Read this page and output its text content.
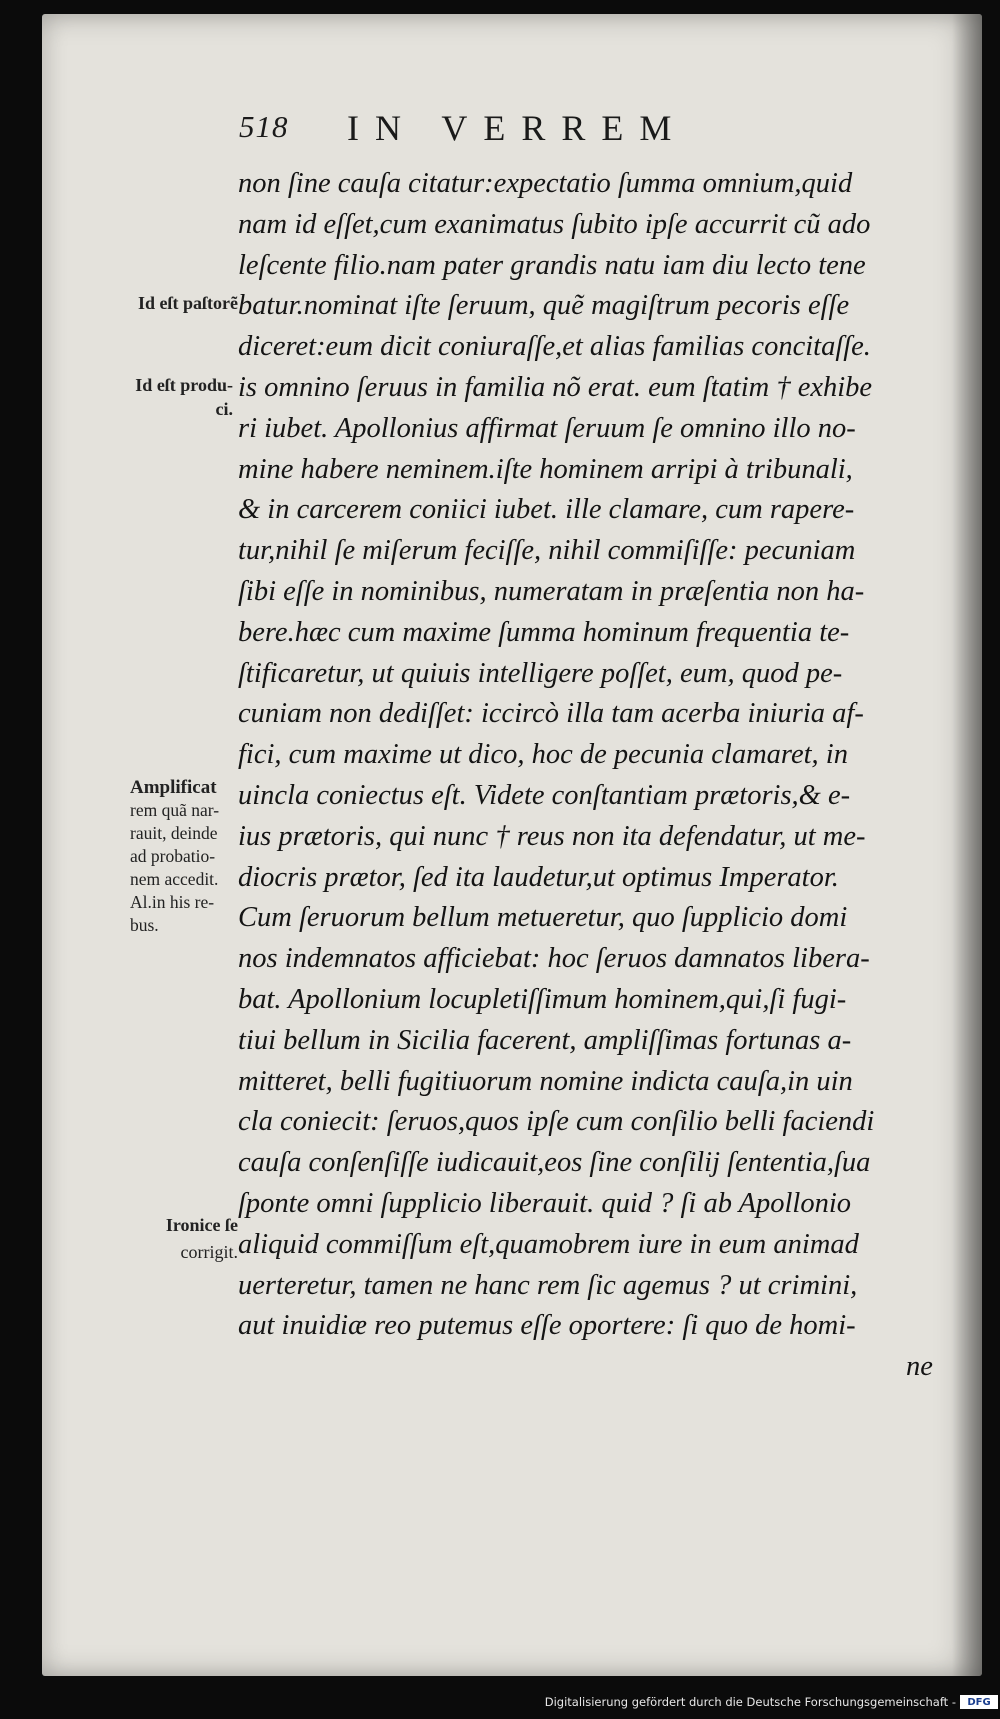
518 IN VERREM
non ſine cauſa citatur:expectatio ſumma omnium,quid
nam id eſſet,cum exanimatus ſubito ipſe accurrit cũ ado
leſcente filio.nam pater grandis natu iam diu lecto tene
batur.nominat iſte ſeruum, quẽ magiſtrum pecoris eſſe
diceret:eum dicit coniuraſſe,et alias familias concitaſſe.
is omnino ſeruus in familia nõ erat. eum ſtatim † exhibe
ri iubet. Apollonius affirmat ſeruum ſe omnino illo no-
mine habere neminem.iſte hominem arripi à tribunali,
& in carcerem coniici iubet. ille clamare, cum rapere-
tur,nihil ſe miſerum feciſſe, nihil commiſiſſe: pecuniam
ſibi eſſe in nominibus, numeratam in præſentia non ha-
bere.hæc cum maxime ſumma hominum frequentia te-
ſtificaretur, ut quiuis intelligere poſſet, eum, quod pe-
cuniam non dediſſet: iccircò illa tam acerba iniuria af-
fici, cum maxime ut dico, hoc de pecunia clamaret, in
uincla coniectus eſt. Videte conſtantiam prætoris,& e-
ius prætoris, qui nunc † reus non ita defendatur, ut me-
diocris prætor, ſed ita laudetur,ut optimus Imperator.
Cum ſeruorum bellum metueretur, quo ſupplicio domi
nos indemnatos afficiebat: hoc ſeruos damnatos libera-
bat. Apollonium locupletiſſimum hominem,qui,ſi fugi-
tiui bellum in Sicilia facerent, ampliſſimas fortunas a-
mitteret, belli fugitiuorum nomine indicta cauſa,in uin
cla coniecit: ſeruos,quos ipſe cum conſilio belli faciendi
cauſa conſenſiſſe iudicauit,eos ſine conſilij ſententia,ſua
ſponte omni ſupplicio liberauit. quid ? ſi ab Apollonio
aliquid commiſſum eſt,quamobrem iure in eum animad
uerteretur, tamen ne hanc rem ſic agemus ? ut crimini,
aut inuidiæ reo putemus eſſe oportere: ſi quo de homi-
ne
Id eſt paſtorẽ
Id eſt produ-
ci.
Amplificat
rem quã nar-
rauit, deinde
ad probatio-
nem accedit.
Al.in his re-
bus.
Ironice ſe
corrigit.
Digitalisierung gefördert durch die Deutsche Forschungsgemeinschaft -	DFG
